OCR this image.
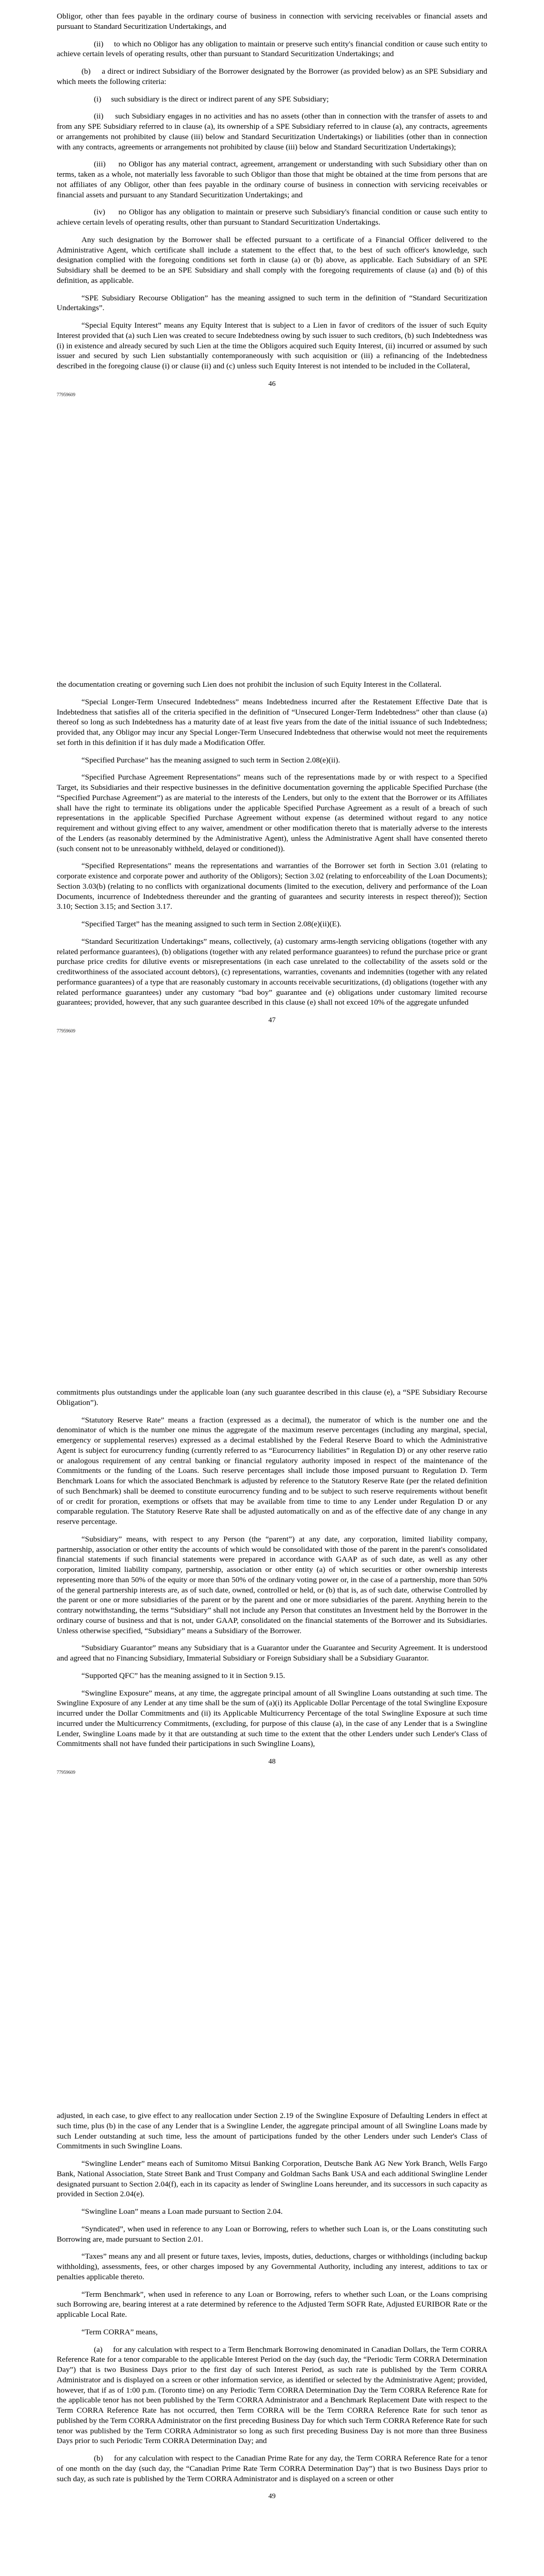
Obligor, other than fees payable in the ordinary course of business in connection with servicing receivables or financial assets and pursuant to Standard Securitization Undertakings, and

(ii)     to which no Obligor has any obligation to maintain or preserve such entity's financial condition or cause such entity to achieve certain levels of operating results, other than pursuant to Standard Securitization Undertakings; and

(b)     a direct or indirect Subsidiary of the Borrower designated by the Borrower (as provided below) as an SPE Subsidiary and which meets the following criteria:

(i)     such subsidiary is the direct or indirect parent of any SPE Subsidiary;

(ii)     such Subsidiary engages in no activities and has no assets (other than in connection with the transfer of assets to and from any SPE Subsidiary referred to in clause (a), its ownership of a SPE Subsidiary referred to in clause (a), any contracts, agreements or arrangements not prohibited by clause (iii) below and Standard Securitization Undertakings) or liabilities (other than in connection with any contracts, agreements or arrangements not prohibited by clause (iii) below and Standard Securitization Undertakings);

(iii)     no Obligor has any material contract, agreement, arrangement or understanding with such Subsidiary other than on terms, taken as a whole, not materially less favorable to such Obligor than those that might be obtained at the time from persons that are not affiliates of any Obligor, other than fees payable in the ordinary course of business in connection with servicing receivables or financial assets and pursuant to any Standard Securitization Undertakings; and

(iv)     no Obligor has any obligation to maintain or preserve such Subsidiary's financial condition or cause such entity to achieve certain levels of operating results, other than pursuant to Standard Securitization Undertakings.

Any such designation by the Borrower shall be effected pursuant to a certificate of a Financial Officer delivered to the Administrative Agent, which certificate shall include a statement to the effect that, to the best of such officer's knowledge, such designation complied with the foregoing conditions set forth in clause (a) or (b) above, as applicable. Each Subsidiary of an SPE Subsidiary shall be deemed to be an SPE Subsidiary and shall comply with the foregoing requirements of clause (a) and (b) of this definition, as applicable.

“SPE Subsidiary Recourse Obligation” has the meaning assigned to such term in the definition of “Standard Securitization Undertakings”.

“Special Equity Interest” means any Equity Interest that is subject to a Lien in favor of creditors of the issuer of such Equity Interest provided that (a) such Lien was created to secure Indebtedness owing by such issuer to such creditors, (b) such Indebtedness was (i) in existence and already secured by such Lien at the time the Obligors acquired such Equity Interest, (ii) incurred or assumed by such issuer and secured by such Lien substantially contemporaneously with such acquisition or (iii) a refinancing of the Indebtedness described in the foregoing clause (i) or clause (ii) and (c) unless such Equity Interest is not intended to be included in the Collateral,

46
77959609

the documentation creating or governing such Lien does not prohibit the inclusion of such Equity Interest in the Collateral.

“Special Longer-Term Unsecured Indebtedness” means Indebtedness incurred after the Restatement Effective Date that is Indebtedness that satisfies all of the criteria specified in the definition of “Unsecured Longer-Term Indebtedness” other than clause (a) thereof so long as such Indebtedness has a maturity date of at least five years from the date of the initial issuance of such Indebtedness; provided that, any Obligor may incur any Special Longer-Term Unsecured Indebtedness that otherwise would not meet the requirements set forth in this definition if it has duly made a Modification Offer.

“Specified Purchase” has the meaning assigned to such term in Section 2.08(e)(ii).

“Specified Purchase Agreement Representations” means such of the representations made by or with respect to a Specified Target, its Subsidiaries and their respective businesses in the definitive documentation governing the applicable Specified Purchase (the “Specified Purchase Agreement”) as are material to the interests of the Lenders, but only to the extent that the Borrower or its Affiliates shall have the right to terminate its obligations under the applicable Specified Purchase Agreement as a result of a breach of such representations in the applicable Specified Purchase Agreement without expense (as determined without regard to any notice requirement and without giving effect to any waiver, amendment or other modification thereto that is materially adverse to the interests of the Lenders (as reasonably determined by the Administrative Agent), unless the Administrative Agent shall have consented thereto (such consent not to be unreasonably withheld, delayed or conditioned)).

“Specified Representations” means the representations and warranties of the Borrower set forth in Section 3.01 (relating to corporate existence and corporate power and authority of the Obligors); Section 3.02 (relating to enforceability of the Loan Documents); Section 3.03(b) (relating to no conflicts with organizational documents (limited to the execution, delivery and performance of the Loan Documents, incurrence of Indebtedness thereunder and the granting of guarantees and security interests in respect thereof)); Section 3.10; Section 3.15; and Section 3.17.

“Specified Target” has the meaning assigned to such term in Section 2.08(e)(ii)(E).

“Standard Securitization Undertakings” means, collectively, (a) customary arms-length servicing obligations (together with any related performance guarantees), (b) obligations (together with any related performance guarantees) to refund the purchase price or grant purchase price credits for dilutive events or misrepresentations (in each case unrelated to the collectability of the assets sold or the creditworthiness of the associated account debtors), (c) representations, warranties, covenants and indemnities (together with any related performance guarantees) of a type that are reasonably customary in accounts receivable securitizations, (d) obligations (together with any related performance guarantees) under any customary “bad boy” guarantee and (e) obligations under customary limited recourse guarantees; provided, however, that any such guarantee described in this clause (e) shall not exceed 10% of the aggregate unfunded

47
77959609

commitments plus outstandings under the applicable loan (any such guarantee described in this clause (e), a “SPE Subsidiary Recourse Obligation”).

“Statutory Reserve Rate” means a fraction (expressed as a decimal), the numerator of which is the number one and the denominator of which is the number one minus the aggregate of the maximum reserve percentages (including any marginal, special, emergency or supplemental reserves) expressed as a decimal established by the Federal Reserve Board to which the Administrative Agent is subject for eurocurrency funding (currently referred to as “Eurocurrency liabilities” in Regulation D) or any other reserve ratio or analogous requirement of any central banking or financial regulatory authority imposed in respect of the maintenance of the Commitments or the funding of the Loans. Such reserve percentages shall include those imposed pursuant to Regulation D. Term Benchmark Loans for which the associated Benchmark is adjusted by reference to the Statutory Reserve Rate (per the related definition of such Benchmark) shall be deemed to constitute eurocurrency funding and to be subject to such reserve requirements without benefit of or credit for proration, exemptions or offsets that may be available from time to time to any Lender under Regulation D or any comparable regulation. The Statutory Reserve Rate shall be adjusted automatically on and as of the effective date of any change in any reserve percentage.

“Subsidiary” means, with respect to any Person (the “parent”) at any date, any corporation, limited liability company, partnership, association or other entity the accounts of which would be consolidated with those of the parent in the parent's consolidated financial statements if such financial statements were prepared in accordance with GAAP as of such date, as well as any other corporation, limited liability company, partnership, association or other entity (a) of which securities or other ownership interests representing more than 50% of the equity or more than 50% of the ordinary voting power or, in the case of a partnership, more than 50% of the general partnership interests are, as of such date, owned, controlled or held, or (b) that is, as of such date, otherwise Controlled by the parent or one or more subsidiaries of the parent or by the parent and one or more subsidiaries of the parent. Anything herein to the contrary notwithstanding, the terms “Subsidiary” shall not include any Person that constitutes an Investment held by the Borrower in the ordinary course of business and that is not, under GAAP, consolidated on the financial statements of the Borrower and its Subsidiaries. Unless otherwise specified, “Subsidiary” means a Subsidiary of the Borrower.

“Subsidiary Guarantor” means any Subsidiary that is a Guarantor under the Guarantee and Security Agreement. It is understood and agreed that no Financing Subsidiary, Immaterial Subsidiary or Foreign Subsidiary shall be a Subsidiary Guarantor.

“Supported QFC” has the meaning assigned to it in Section 9.15.

“Swingline Exposure” means, at any time, the aggregate principal amount of all Swingline Loans outstanding at such time. The Swingline Exposure of any Lender at any time shall be the sum of (a)(i) its Applicable Dollar Percentage of the total Swingline Exposure incurred under the Dollar Commitments and (ii) its Applicable Multicurrency Percentage of the total Swingline Exposure at such time incurred under the Multicurrency Commitments, (excluding, for purpose of this clause (a), in the case of any Lender that is a Swingline Lender, Swingline Loans made by it that are outstanding at such time to the extent that the other Lenders under such Lender's Class of Commitments shall not have funded their participations in such Swingline Loans),

48
77959609

adjusted, in each case, to give effect to any reallocation under Section 2.19 of the Swingline Exposure of Defaulting Lenders in effect at such time, plus (b) in the case of any Lender that is a Swingline Lender, the aggregate principal amount of all Swingline Loans made by such Lender outstanding at such time, less the amount of participations funded by the other Lenders under such Lender's Class of Commitments in such Swingline Loans.

“Swingline Lender” means each of Sumitomo Mitsui Banking Corporation, Deutsche Bank AG New York Branch, Wells Fargo Bank, National Association, State Street Bank and Trust Company and Goldman Sachs Bank USA and each additional Swingline Lender designated pursuant to Section 2.04(f), each in its capacity as lender of Swingline Loans hereunder, and its successors in such capacity as provided in Section 2.04(e).

“Swingline Loan” means a Loan made pursuant to Section 2.04.

“Syndicated”, when used in reference to any Loan or Borrowing, refers to whether such Loan is, or the Loans constituting such Borrowing are, made pursuant to Section 2.01.

“Taxes” means any and all present or future taxes, levies, imposts, duties, deductions, charges or withholdings (including backup withholding), assessments, fees, or other charges imposed by any Governmental Authority, including any interest, additions to tax or penalties applicable thereto.

“Term Benchmark”, when used in reference to any Loan or Borrowing, refers to whether such Loan, or the Loans comprising such Borrowing are, bearing interest at a rate determined by reference to the Adjusted Term SOFR Rate, Adjusted EURIBOR Rate or the applicable Local Rate.

“Term CORRA” means,

(a)     for any calculation with respect to a Term Benchmark Borrowing denominated in Canadian Dollars, the Term CORRA Reference Rate for a tenor comparable to the applicable Interest Period on the day (such day, the “Periodic Term CORRA Determination Day”) that is two Business Days prior to the first day of such Interest Period, as such rate is published by the Term CORRA Administrator and is displayed on a screen or other information service, as identified or selected by the Administrative Agent; provided, however, that if as of 1:00 p.m. (Toronto time) on any Periodic Term CORRA Determination Day the Term CORRA Reference Rate for the applicable tenor has not been published by the Term CORRA Administrator and a Benchmark Replacement Date with respect to the Term CORRA Reference Rate has not occurred, then Term CORRA will be the Term CORRA Reference Rate for such tenor as published by the Term CORRA Administrator on the first preceding Business Day for which such Term CORRA Reference Rate for such tenor was published by the Term CORRA Administrator so long as such first preceding Business Day is not more than three Business Days prior to such Periodic Term CORRA Determination Day; and

(b)     for any calculation with respect to the Canadian Prime Rate for any day, the Term CORRA Reference Rate for a tenor of one month on the day (such day, the “Canadian Prime Rate Term CORRA Determination Day”) that is two Business Days prior to such day, as such rate is published by the Term CORRA Administrator and is displayed on a screen or other

49
